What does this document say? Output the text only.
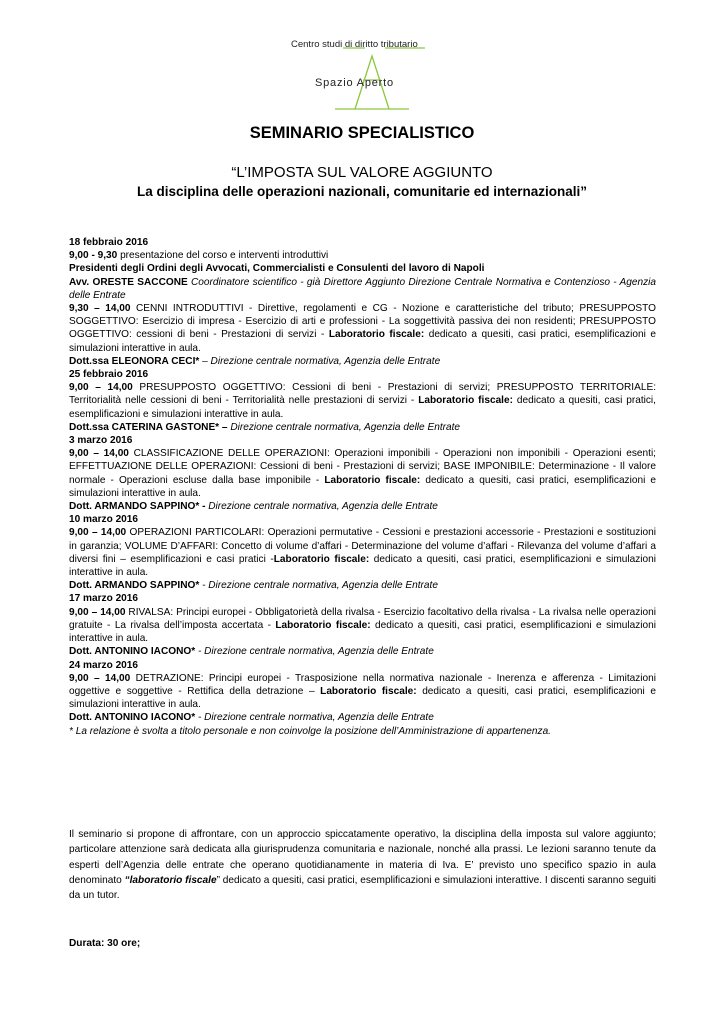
Centro studi di diritto tributario
Spazio Aperto
SEMINARIO SPECIALISTICO
“L’IMPOSTA SUL VALORE AGGIUNTO
La disciplina delle operazioni nazionali, comunitarie ed internazionali”

18 febbraio 2016

9,00 - 9,30 presentazione del corso e interventi introduttivi

Presidenti degli Ordini degli Avvocati, Commercialisti e Consulenti del lavoro di Napoli

Avv. ORESTE SACCONE Coordinatore scientifico - già Direttore Aggiunto Direzione Centrale Normativa e Contenzioso - Agenzia delle Entrate

9,30 – 14,00 CENNI INTRODUTTIVI - Direttive, regolamenti e CG - Nozione e caratteristiche del tributo; PRESUPPOSTO SOGGETTIVO: Esercizio di impresa - Esercizio di arti e professioni - La soggettività passiva dei non residenti; PRESUPPOSTO OGGETTIVO: cessioni di beni - Prestazioni di servizi - Laboratorio fiscale: dedicato a quesiti, casi pratici, esemplificazioni e simulazioni interattive in aula.

Dott.ssa ELEONORA CECI* – Direzione centrale normativa, Agenzia delle Entrate

25 febbraio 2016

9,00 – 14,00 PRESUPPOSTO OGGETTIVO: Cessioni di beni - Prestazioni di servizi; PRESUPPOSTO TERRITORIALE: Territorialità nelle cessioni di beni - Territorialità nelle prestazioni di servizi - Laboratorio fiscale: dedicato a quesiti, casi pratici, esemplificazioni e simulazioni interattive in aula.

Dott.ssa CATERINA GASTONE* – Direzione centrale normativa, Agenzia delle Entrate

3 marzo 2016

9,00 – 14,00 CLASSIFICAZIONE DELLE OPERAZIONI: Operazioni imponibili - Operazioni non imponibili - Operazioni esenti; EFFETTUAZIONE DELLE OPERAZIONI: Cessioni di beni - Prestazioni di servizi; BASE IMPONIBILE: Determinazione - Il valore normale - Operazioni escluse dalla base imponibile - Laboratorio fiscale: dedicato a quesiti, casi pratici, esemplificazioni e simulazioni interattive in aula.

Dott. ARMANDO SAPPINO* - Direzione centrale normativa, Agenzia delle Entrate

10 marzo 2016

9,00 – 14,00 OPERAZIONI PARTICOLARI: Operazioni permutative - Cessioni e prestazioni accessorie - Prestazioni e sostituzioni in garanzia; VOLUME D’AFFARI: Concetto di volume d’affari - Determinazione del volume d’affari - Rilevanza del volume d’affari a diversi fini – esemplificazioni e casi pratici -Laboratorio fiscale: dedicato a quesiti, casi pratici, esemplificazioni e simulazioni interattive in aula.

Dott. ARMANDO SAPPINO* - Direzione centrale normativa, Agenzia delle Entrate

17 marzo 2016

9,00 – 14,00 RIVALSA: Principi europei - Obbligatorietà della rivalsa - Esercizio facoltativo della rivalsa - La rivalsa nelle operazioni gratuite - La rivalsa dell’imposta accertata - Laboratorio fiscale: dedicato a quesiti, casi pratici, esemplificazioni e simulazioni interattive in aula.

Dott. ANTONINO IACONO* - Direzione centrale normativa, Agenzia delle Entrate

24 marzo 2016

9,00 – 14,00 DETRAZIONE: Principi europei - Trasposizione nella normativa nazionale - Inerenza e afferenza - Limitazioni oggettive e soggettive - Rettifica della detrazione – Laboratorio fiscale: dedicato a quesiti, casi pratici, esemplificazioni e simulazioni interattive in aula.

Dott. ANTONINO IACONO* - Direzione centrale normativa, Agenzia delle Entrate

* La relazione è svolta a titolo personale e non coinvolge la posizione dell’Amministrazione di appartenenza.

Il seminario si propone di affrontare, con un approccio spiccatamente operativo, la disciplina della imposta sul valore aggiunto; particolare attenzione sarà dedicata alla giurisprudenza comunitaria e nazionale, nonché alla prassi. Le lezioni saranno tenute da esperti dell’Agenzia delle entrate che operano quotidianamente in materia di Iva. E’ previsto uno specifico spazio in aula denominato “laboratorio fiscale” dedicato a quesiti, casi pratici, esemplificazioni e simulazioni interattive. I discenti saranno seguiti da un tutor.

Durata: 30 ore;
